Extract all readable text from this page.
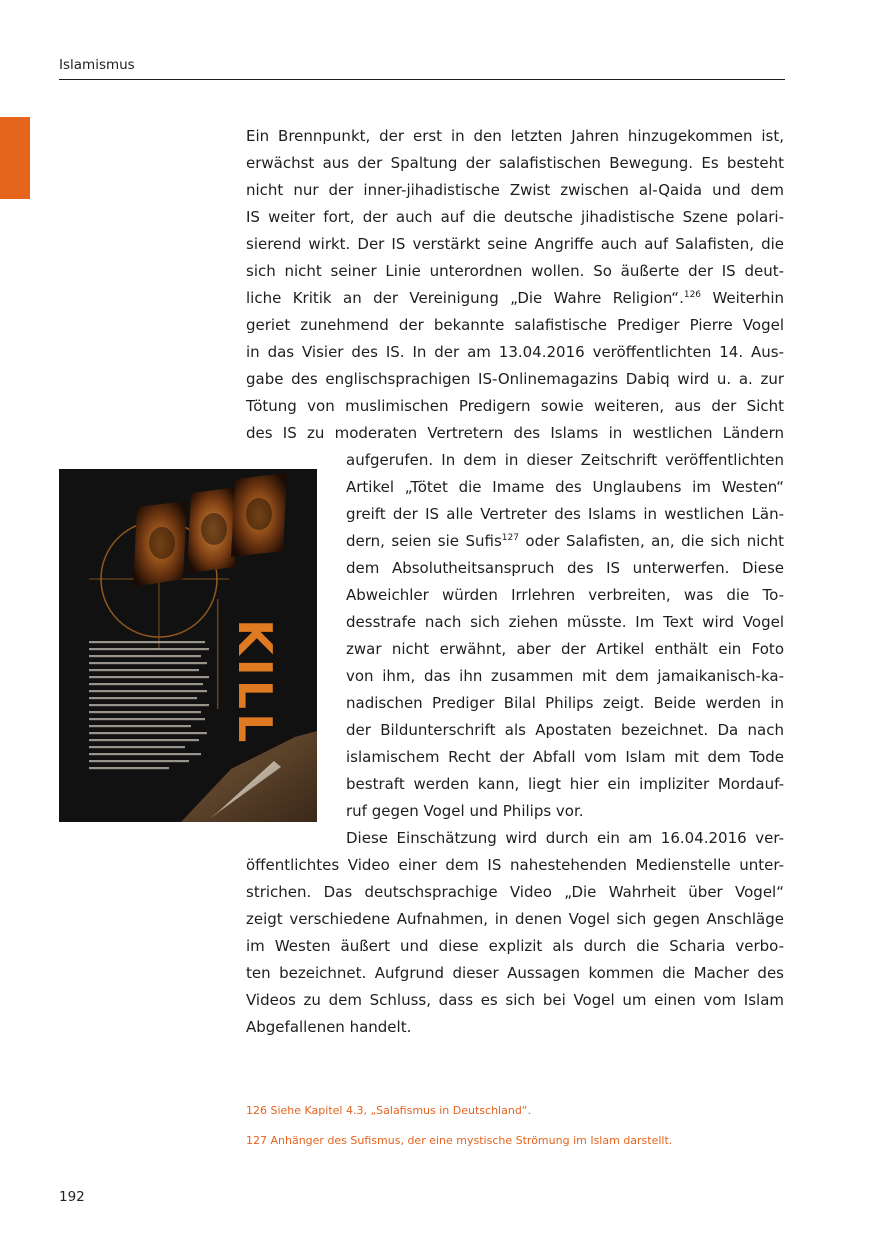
Islamismus
Ein Brennpunkt, der erst in den letzten Jahren hinzugekommen ist,
erwächst aus der Spaltung der salafistischen Bewegung. Es besteht
nicht nur der inner-jihadistische Zwist zwischen al-Qaida und dem
IS weiter fort, der auch auf die deutsche jihadistische Szene polari-
sierend wirkt. Der IS verstärkt seine Angriffe auch auf Salafisten, die
sich nicht seiner Linie unterordnen wollen. So äußerte der IS deut-
liche Kritik an der Vereinigung „Die Wahre Religion“.$^{126}$ Weiterhin
geriet zunehmend der bekannte salafistische Prediger Pierre Vogel
in das Visier des IS. In der am 13.04.2016 veröffentlichten 14. Aus-
gabe des englischsprachigen IS-Onlinemagazins Dabiq wird u. a. zur
Tötung von muslimischen Predigern sowie weiteren, aus der Sicht
des IS zu moderaten Vertretern des Islams in westlichen Ländern
aufgerufen. In dem in dieser Zeitschrift veröffentlichten
Artikel „Tötet die Imame des Unglaubens im Westen“
greift der IS alle Vertreter des Islams in westlichen Län-
dern, seien sie Sufis$^{127}$ oder Salafisten, an, die sich nicht
dem Absolutheitsanspruch des IS unterwerfen. Diese
Abweichler würden Irrlehren verbreiten, was die To-
desstrafe nach sich ziehen müsste. Im Text wird Vogel
zwar nicht erwähnt, aber der Artikel enthält ein Foto
von ihm, das ihn zusammen mit dem jamaikanisch-ka-
nadischen Prediger Bilal Philips zeigt. Beide werden in
der Bildunterschrift als Apostaten bezeichnet. Da nach
islamischem Recht der Abfall vom Islam mit dem Tode
bestraft werden kann, liegt hier ein impliziter Mordauf-
ruf gegen Vogel und Philips vor.
Diese Einschätzung wird durch ein am 16.04.2016 ver-
öffentlichtes Video einer dem IS nahestehenden Medienstelle unter-
strichen. Das deutschsprachige Video „Die Wahrheit über Vogel“
zeigt verschiedene Aufnahmen, in denen Vogel sich gegen Anschläge
im Westen äußert und diese explizit als durch die Scharia verbo-
ten bezeichnet. Aufgrund dieser Aussagen kommen die Macher des
Videos zu dem Schluss, dass es sich bei Vogel um einen vom Islam
Abgefallenen handelt.
KILL
126 Siehe Kapitel 4.3, „Salafismus in Deutschland“.
127 Anhänger des Sufismus, der eine mystische Strömung im Islam darstellt.
192
